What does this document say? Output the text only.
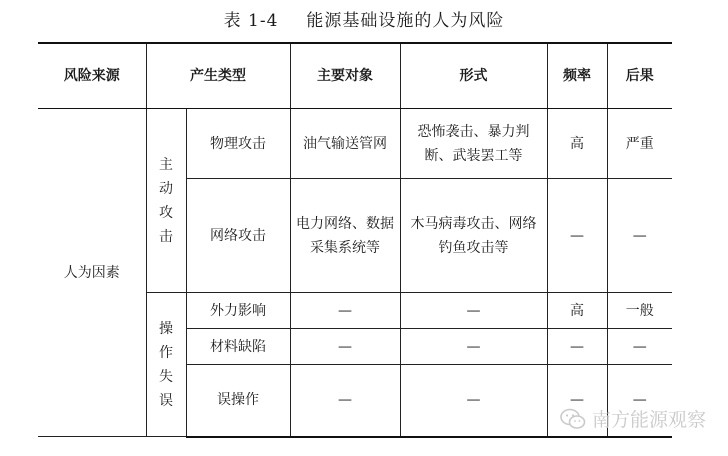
表 1-4 能源基础设施的人为风险
风险来源	产生类型		主要对象	形式	频率	后果
人为因素	主动攻击	物理攻击	油气输送管网	恐怖袭击、暴力判断、武装罢工等	高	严重
		网络攻击	电力网络、数据采集系统等	木马病毒攻击、网络钓鱼攻击等	—	—
	操作失误	外力影响	—	—	高	一般
		材料缺陷	—	—	—	—
		误操作	—	—	—	—
南方能源观察
